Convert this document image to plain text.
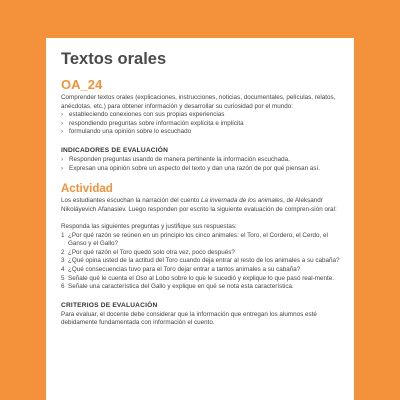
Textos orales
OA_24

Comprender textos orales (explicaciones, instrucciones, noticias, documentales, películas, relatos, anécdotas, etc.) para obtener información y desarrollar su curiosidad por el mundo:

› estableciendo conexiones con sus propias experiencias
› respondiendo preguntas sobre información explícita e implícita
› formulando una opinión sobre lo escuchado
INDICADORES DE EVALUACIÓN
› Responden preguntas usando de manera pertinente la información escuchada.
› Expresan una opinión sobre un aspecto del texto y dan una razón de por qué piensan así.
Actividad

Los estudiantes escuchan la narración del cuento La invernada de los animales, de Aleksandr Nikoláyevich Afanasiev. Luego responden por escrito la siguiente evaluación de compren-sión oral:

Responda las siguientes preguntas y justifique sus respuestas:

1 ¿Por qué razón se reúnen en un principio los cinco animales: el Toro, el Cordero, el Cerdo, el Ganso y el Gallo?
2 ¿Por qué razón el Toro quedó solo otra vez, poco después?
3 ¿Qué opina usted de la actitud del Toro cuando deja entrar al resto de los animales a su cabaña?
4 ¿Qué consecuencias tuvo para el Toro dejar entrar a tantos animales a su cabaña?
5 Señale qué le cuenta el Oso al Lobo sobre lo que le sucedió y explique lo que pasó real-mente.
6 Señale una característica del Gallo y explique en qué se nota esta característica.
CRITERIOS DE EVALUACIÓN

Para evaluar, el docente debe considerar que la información que entregan los alumnos esté debidamente fundamentada con información el cuento.
